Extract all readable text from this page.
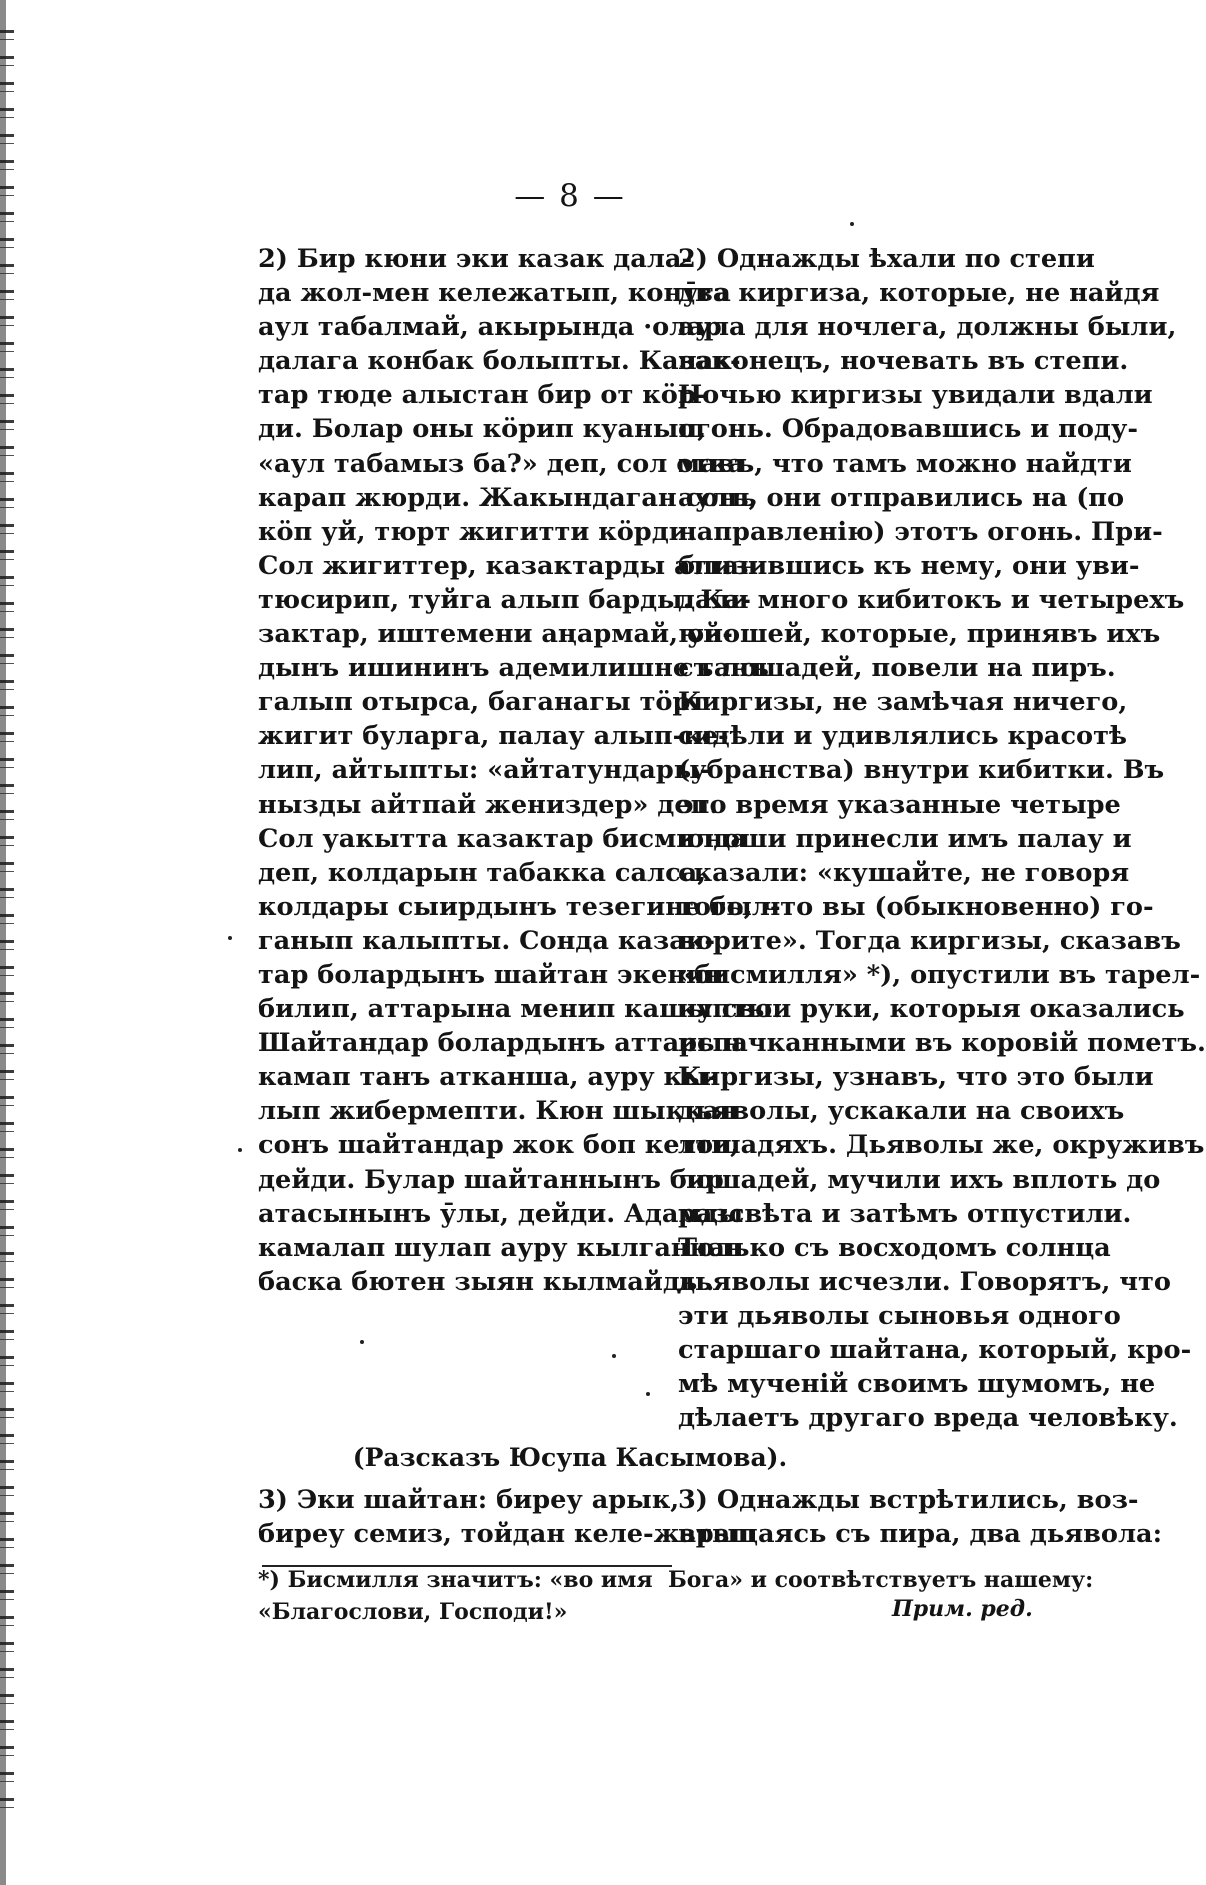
— 8 —

2) Бир кюни эки казак дала-
да жол-мен кележатып, конӯга
аул табалмай, акырында ·олар
далага конбак болыпты. Казак-
тар тюде алыстан бир от кӧр-
ди. Болар оны кӧрип куанып,
«аул табамыз ба?» деп, сол отка
карап жюрди. Жакындаган сонъ
кӧп уй, тюрт жигитти кӧрди.
Сол жигиттер, казактарды аттан
тюсирип, туйга алып барды. Ка-
зактар, иштемени аңармай, уй-
дынъ ишининъ адемилишне танъ
галып отырса, баганагы тӧрт
жигит буларга, палау алып-ке-
лип, айтыпты: «айтатундары-
нызды айтпай жениздер» деп.
Сол уакытта казактар бисмилда
деп, колдарын табакка салса,
колдары сыирдынъ тезегине был-
ганып калыпты. Сонда казак-
тар болардынъ шайтан экенин
билип, аттарына менип кашыпты.
Шайтандар болардынъ аттарын
камап танъ атканша, ауру кы-
лып жибермепти. Кюн шыккан
сонъ шайтандар жок боп кетти,
дейди. Булар шайтаннынъ бир
атасынынъ ӯлы, дейди. Адамды
камалап шулап ауру кылганнан
баска бютен зыян кылмайды.

2) Однажды ѣхали по степи
два киргиза, которые, не найдя
аула для ночлега, должны были,
наконецъ, ночевать въ степи.
Ночью киргизы увидали вдали
огонь. Обрадовавшись и поду-
мавъ, что тамъ можно найдти
аулъ, они отправились на (по
направленію) этотъ огонь. При-
близившись къ нему, они уви-
дали много кибитокъ и четырехъ
юношей, которые, принявъ ихъ
съ лошадей, повели на пиръ.
Киргизы, не замѣчая ничего,
сидѣли и удивлялись красотѣ
(убранства) внутри кибитки. Въ
это время указанные четыре
юноши принесли имъ палау и
сказали: «кушайте, не говоря
того, что вы (обыкновенно) го-
ворите». Тогда киргизы, сказавъ
«бисмилля» *), опустили въ тарел-
ку свои руки, которыя оказались
испачканными въ коровій пометъ.
Киргизы, узнавъ, что это были
дьяволы, ускакали на своихъ
лошадяхъ. Дьяволы же, окруживъ
лошадей, мучили ихъ вплоть до
разсвѣта и затѣмъ отпустили.
Только съ восходомъ солнца
дьяволы исчезли. Говорятъ, что
эти дьяволы сыновья одного
старшаго шайтана, который, кро-
мѣ мученій своимъ шумомъ, не
дѣлаетъ другаго вреда человѣку.

(Разсказъ Юсупа Касымова).

3) Эки шайтан: биреу арык,
биреу семиз, тойдан келе-жатып

3) Однажды встрѣтились, воз-
вращаясь съ пира, два дьявола:

*) Бисмилля значитъ: «во имя
«Благослови, Господи!»

Бога» и соотвѣтствуетъ нашему:

Прим. ред.
